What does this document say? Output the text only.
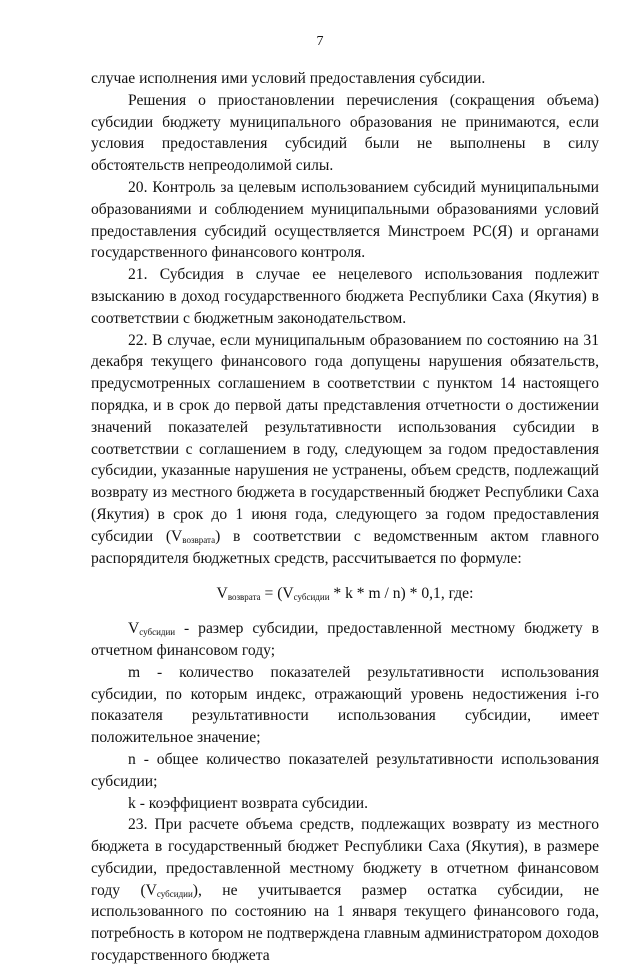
7

случае исполнения ими условий предоставления субсидии.

Решения о приостановлении перечисления (сокращения объема) субсидии бюджету муниципального образования не принимаются, если условия предоставления субсидий были не выполнены в силу обстоятельств непреодолимой силы.

20. Контроль за целевым использованием субсидий муниципальными образованиями и соблюдением муниципальными образованиями условий предоставления субсидий осуществляется Минстроем РС(Я) и органами государственного финансового контроля.

21. Субсидия в случае ее нецелевого использования подлежит взысканию в доход государственного бюджета Республики Саха (Якутия) в соответствии с бюджетным законодательством.

22. В случае, если муниципальным образованием по состоянию на 31 декабря текущего финансового года допущены нарушения обязательств, предусмотренных соглашением в соответствии с пунктом 14 настоящего порядка, и в срок до первой даты представления отчетности о достижении значений показателей результативности использования субсидии в соответствии с соглашением в году, следующем за годом предоставления субсидии, указанные нарушения не устранены, объем средств, подлежащий возврату из местного бюджета в государственный бюджет Республики Саха (Якутия) в срок до 1 июня года, следующего за годом предоставления субсидии $(V_{возврата})$ в соответствии с ведомственным актом главного распорядителя бюджетных средств, рассчитывается по формуле:

$V_{возврата} = (V_{субсидии} * k * m / n) * 0,1$, где:

$V_{субсидии}$ - размер субсидии, предоставленной местному бюджету в отчетном финансовом году;

m - количество показателей результативности использования субсидии, по которым индекс, отражающий уровень недостижения i-го показателя результативности использования субсидии, имеет положительное значение;

n - общее количество показателей результативности использования субсидии;

k - коэффициент возврата субсидии.

23. При расчете объема средств, подлежащих возврату из местного бюджета в государственный бюджет Республики Саха (Якутия), в размере субсидии, предоставленной местному бюджету в отчетном финансовом году $(V_{субсидии})$, не учитывается размер остатка субсидии, не использованного по состоянию на 1 января текущего финансового года, потребность в котором не подтверждена главным администратором доходов государственного бюджета
